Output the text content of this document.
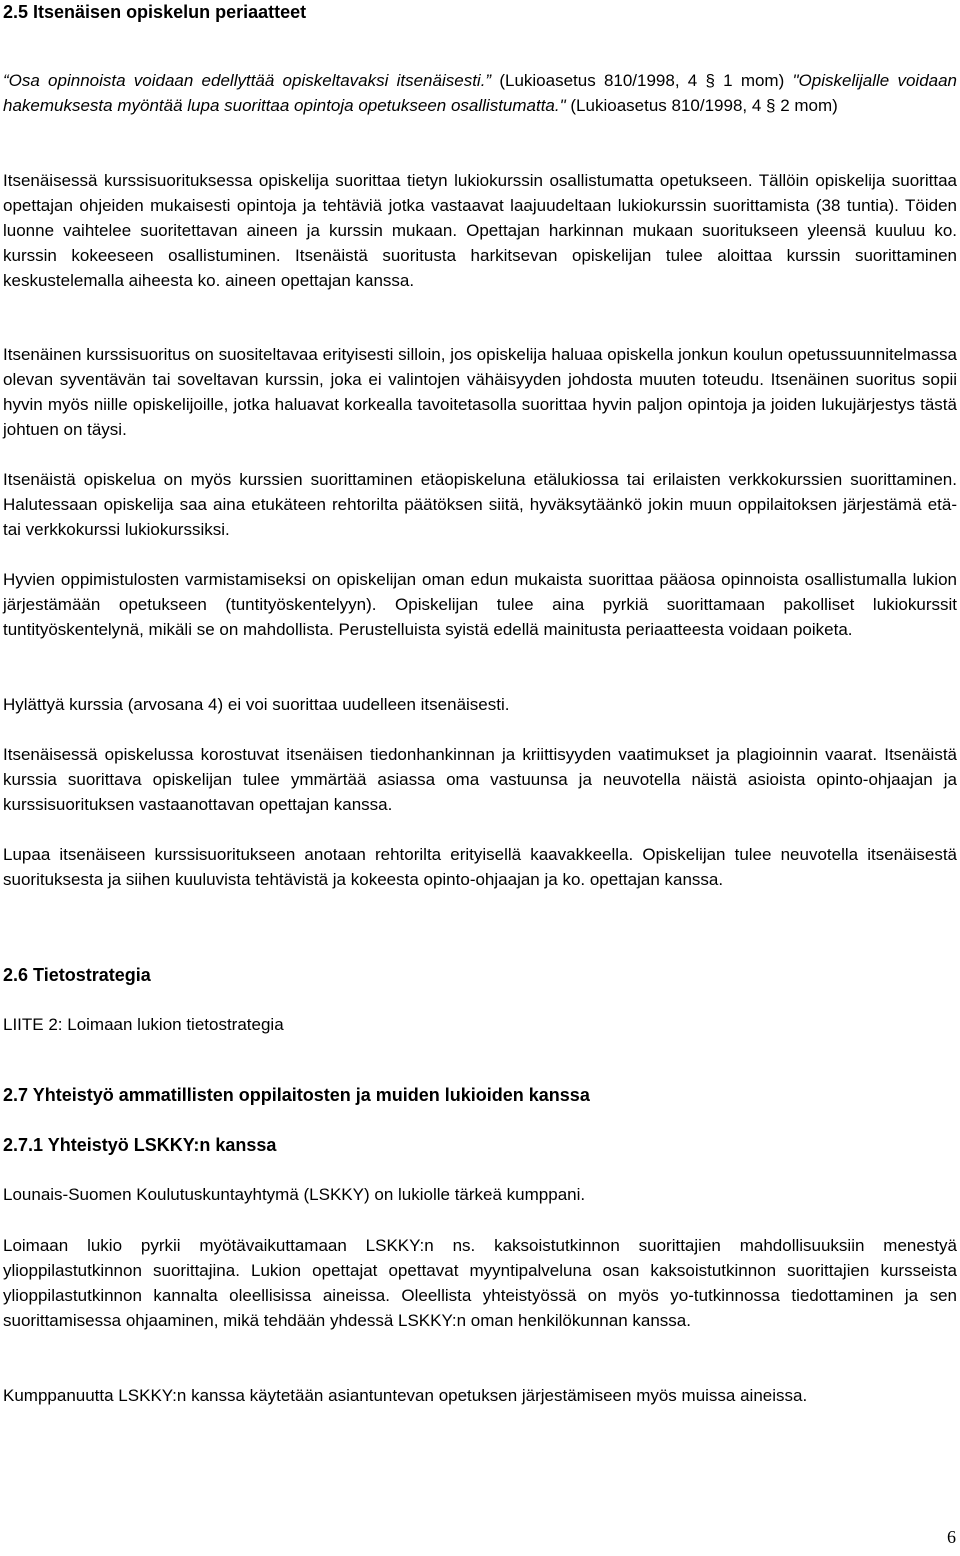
2.5 Itsenäisen opiskelun periaatteet

“Osa opinnoista voidaan edellyttää opiskeltavaksi itsenäisesti.” (Lukioasetus 810/1998, 4 § 1 mom) "Opiskelijalle voidaan hakemuksesta myöntää lupa suorittaa opintoja opetukseen osallistumatta." (Lukioasetus 810/1998, 4 § 2 mom)

Itsenäisessä kurssisuorituksessa opiskelija suorittaa tietyn lukiokurssin osallistumatta opetukseen. Tällöin opiskelija suorittaa opettajan ohjeiden mukaisesti opintoja ja tehtäviä jotka vastaavat laajuudeltaan lukiokurssin suorittamista (38 tuntia). Töiden luonne vaihtelee suoritettavan aineen ja kurssin mukaan. Opettajan harkinnan mukaan suoritukseen yleensä kuuluu ko. kurssin kokeeseen osallistuminen. Itsenäistä suoritusta harkitsevan opiskelijan tulee aloittaa kurssin suorittaminen keskustelemalla aiheesta ko. aineen opettajan kanssa.

Itsenäinen kurssisuoritus on suositeltavaa erityisesti silloin, jos opiskelija haluaa opiskella jonkun koulun opetussuunnitelmassa olevan syventävän tai soveltavan kurssin, joka ei valintojen vähäisyyden johdosta muuten toteudu. Itsenäinen suoritus sopii hyvin myös niille opiskelijoille, jotka haluavat korkealla tavoitetasolla suorittaa hyvin paljon opintoja ja joiden lukujärjestys tästä johtuen on täysi.

Itsenäistä opiskelua on myös kurssien suorittaminen etäopiskeluna etälukiossa tai erilaisten verkkokurssien suorittaminen. Halutessaan opiskelija saa aina etukäteen rehtorilta päätöksen siitä, hyväksytäänkö jokin muun oppilaitoksen järjestämä etä- tai verkkokurssi lukiokurssiksi.

Hyvien oppimistulosten varmistamiseksi on opiskelijan oman edun mukaista suorittaa pääosa opinnoista osallistumalla lukion järjestämään opetukseen (tuntityöskentelyyn). Opiskelijan tulee aina pyrkiä suorittamaan pakolliset lukiokurssit tuntityöskentelynä, mikäli se on mahdollista. Perustelluista syistä edellä mainitusta periaatteesta voidaan poiketa.

Hylättyä kurssia (arvosana 4) ei voi suorittaa uudelleen itsenäisesti.

Itsenäisessä opiskelussa korostuvat itsenäisen tiedonhankinnan ja kriittisyyden vaatimukset ja plagioinnin vaarat. Itsenäistä kurssia suorittava opiskelijan tulee ymmärtää asiassa oma vastuunsa ja neuvotella näistä asioista opinto-ohjaajan ja kurssisuorituksen vastaanottavan opettajan kanssa.

Lupaa itsenäiseen kurssisuoritukseen anotaan rehtorilta erityisellä kaavakkeella. Opiskelijan tulee neuvotella itsenäisestä suorituksesta ja siihen kuuluvista tehtävistä ja kokeesta opinto-ohjaajan ja ko. opettajan kanssa.

2.6 Tietostrategia

LIITE 2: Loimaan lukion tietostrategia

2.7 Yhteistyö ammatillisten oppilaitosten ja muiden lukioiden kanssa

2.7.1 Yhteistyö LSKKY:n kanssa

Lounais-Suomen Koulutuskuntayhtymä (LSKKY) on lukiolle tärkeä kumppani.

Loimaan lukio pyrkii myötävaikuttamaan LSKKY:n ns. kaksoistutkinnon suorittajien mahdollisuuksiin menestyä ylioppilastutkinnon suorittajina. Lukion opettajat opettavat myyntipalveluna osan kaksoistutkinnon suorittajien kursseista ylioppilastutkinnon kannalta oleellisissa aineissa. Oleellista yhteistyössä on myös yo-tutkinnossa tiedottaminen ja sen suorittamisessa ohjaaminen, mikä tehdään yhdessä LSKKY:n oman henkilökunnan kanssa.

Kumppanuutta LSKKY:n kanssa käytetään asiantuntevan opetuksen järjestämiseen myös muissa aineissa.

6
